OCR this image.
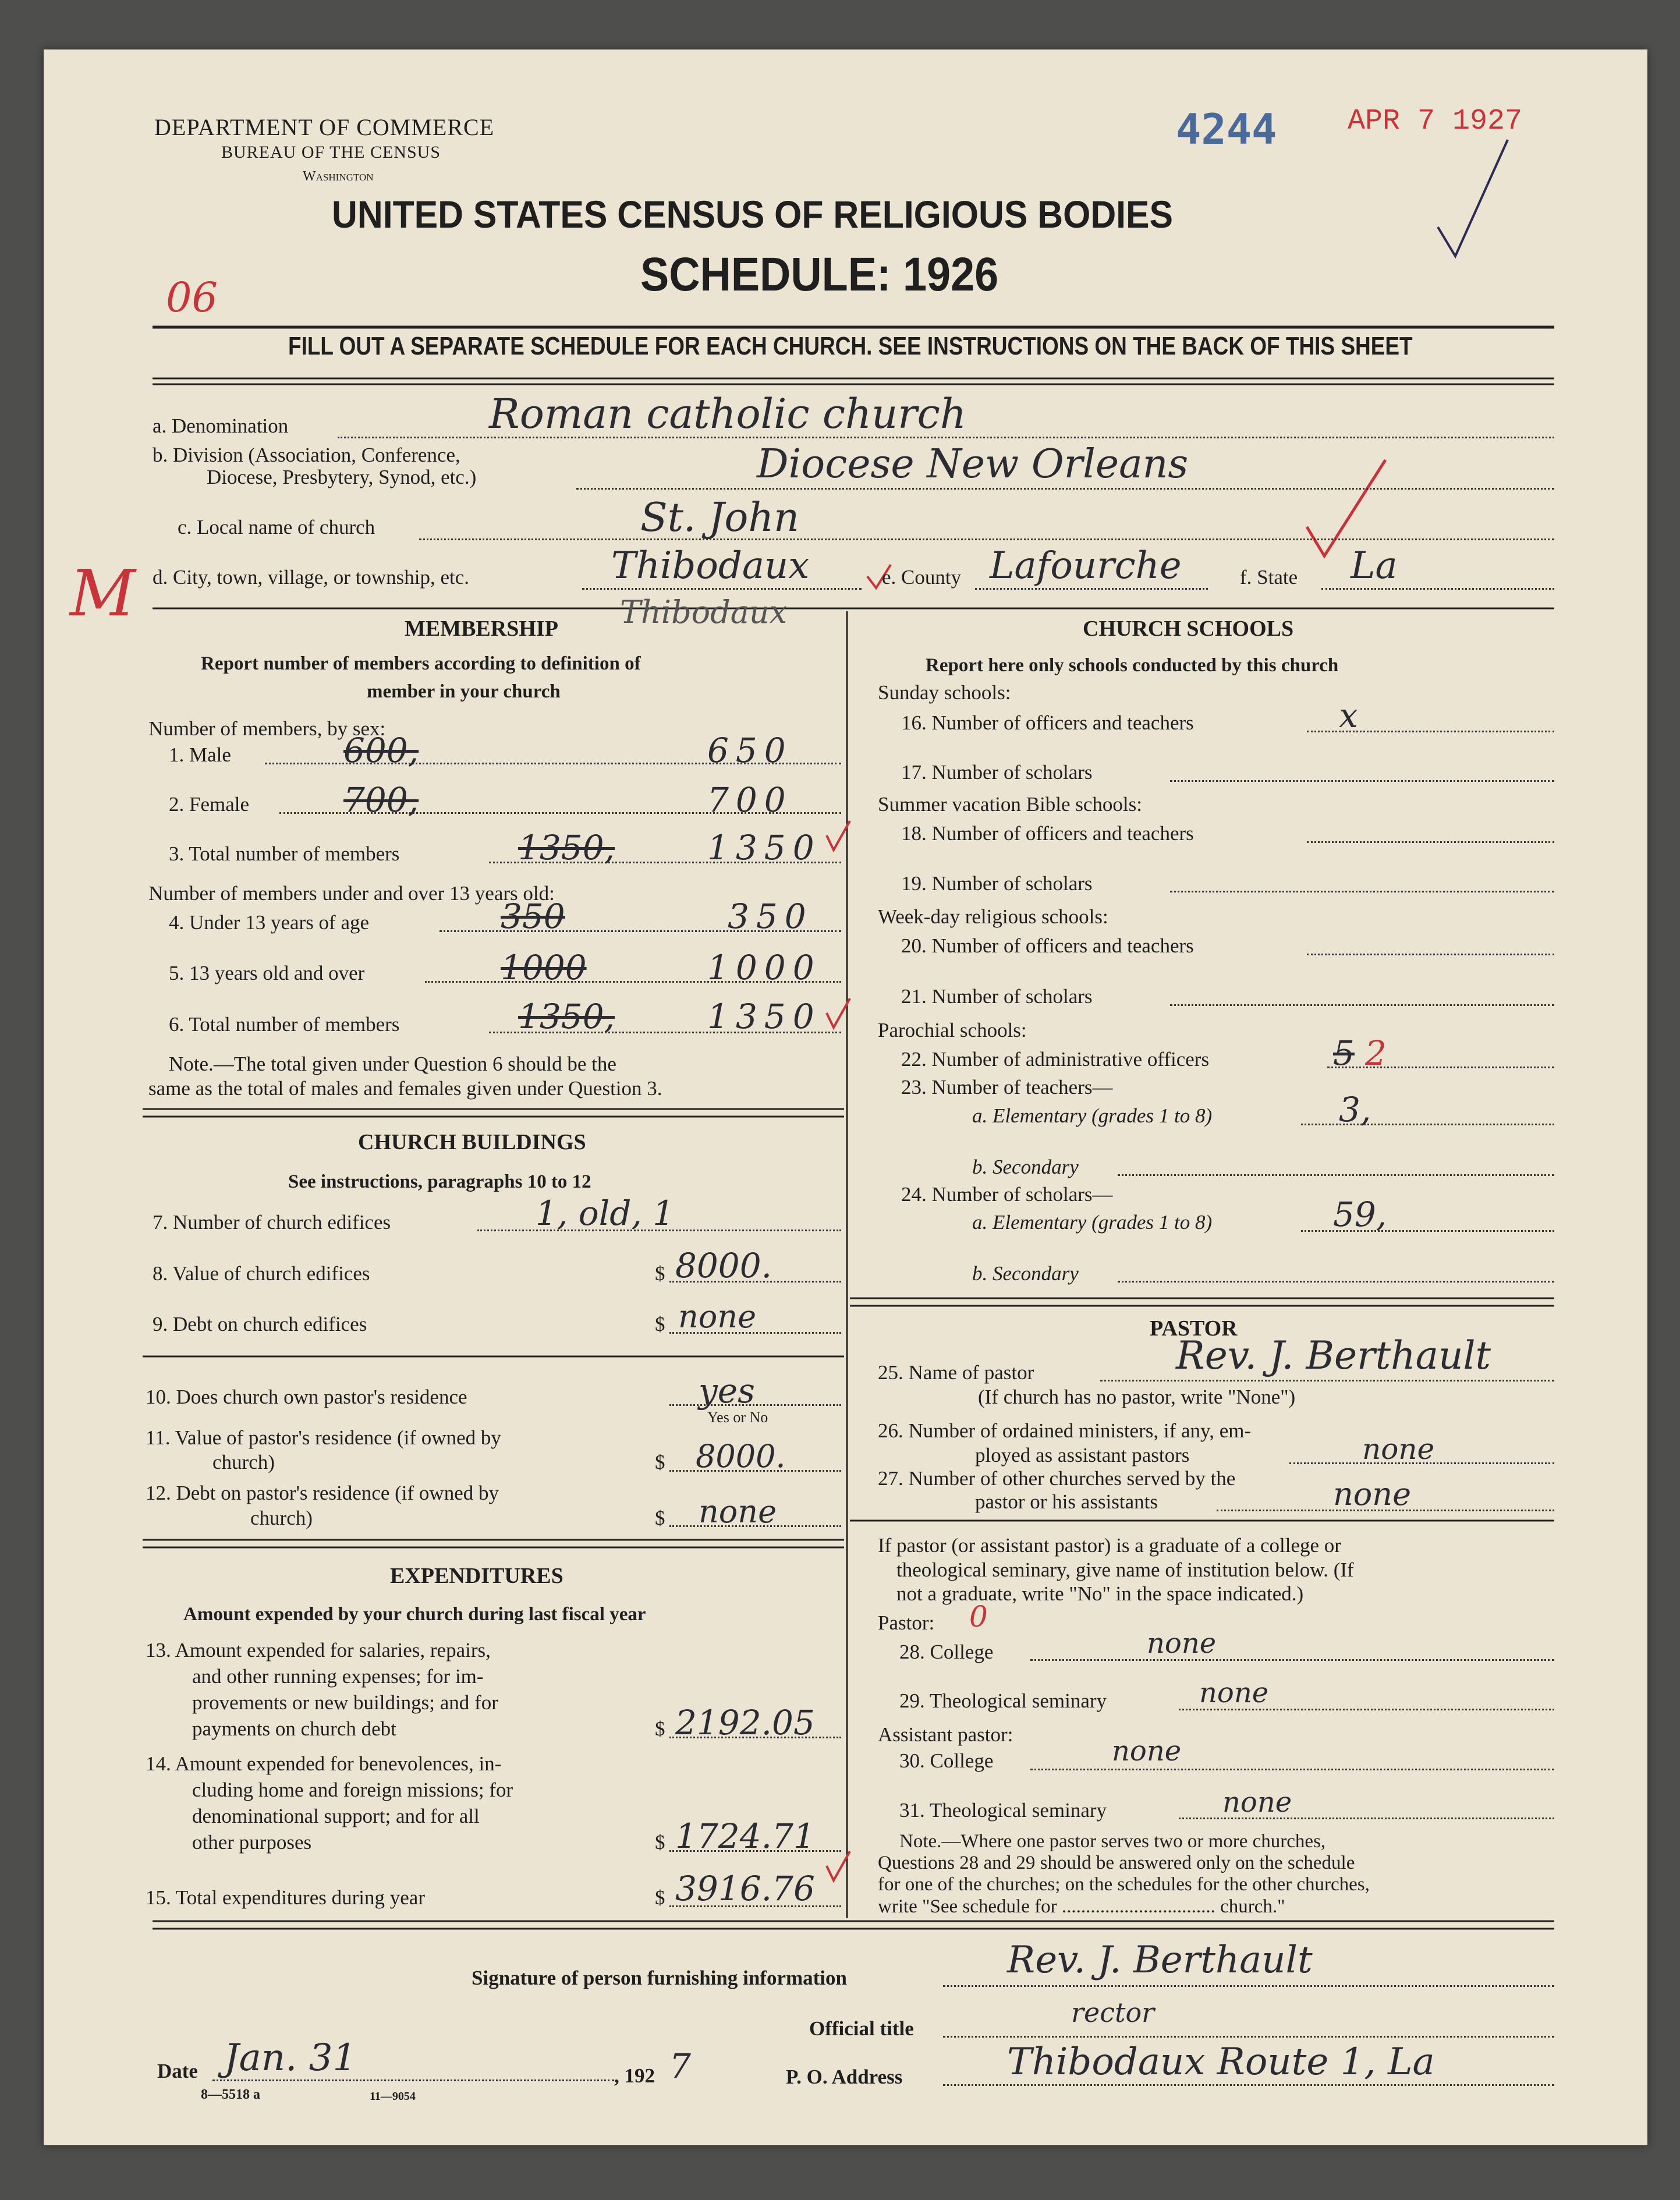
DEPARTMENT OF COMMERCE
BUREAU OF THE CENSUS
Washington
4244 APR 7 1927
UNITED STATES CENSUS OF RELIGIOUS BODIES
SCHEDULE: 1926
06
FILL OUT A SEPARATE SCHEDULE FOR EACH CHURCH. SEE INSTRUCTIONS ON THE BACK OF THIS SHEET
a. Denomination	Roman catholic church
b. Division (Association, Conference,
Diocese, Presbytery, Synod, etc.)	Diocese New Orleans
c. Local name of church	St. John
M d. City, town, village, or township, etc.	Thibodaux	e. County Lafourche	f. State La
Thibodaux
MEMBERSHIP
Report number of members according to definition of
member in your church
Number of members, by sex:
1. Male	600,	650
2. Female	700,	700
3. Total number of members	1350,	1350
Number of members under and over 13 years old:
4. Under 13 years of age	350	350
5. 13 years old and over	1000	1000
6. Total number of members	1350,	1350
Note.—The total given under Question 6 should be the
same as the total of males and females given under Question 3.
CHURCH BUILDINGS
See instructions, paragraphs 10 to 12
7. Number of church edifices	1, old, 1
8. Value of church edifices	$ 8000.
9. Debt on church edifices	$ none
10. Does church own pastor's residence	yes
Yes or No
11. Value of pastor's residence (if owned by
church)	$ 8000.
12. Debt on pastor's residence (if owned by
church)	$ none
EXPENDITURES
Amount expended by your church during last fiscal year
13. Amount expended for salaries, repairs,
and other running expenses; for im-
provements or new buildings; and for
payments on church debt	$ 2192.05
14. Amount expended for benevolences, in-
cluding home and foreign missions; for
denominational support; and for all
other purposes	$ 1724.71
15. Total expenditures during year	$ 3916.76
CHURCH SCHOOLS
Report here only schools conducted by this church
Sunday schools:
16. Number of officers and teachers	x
17. Number of scholars
Summer vacation Bible schools:
18. Number of officers and teachers
19. Number of scholars
Week-day religious schools:
20. Number of officers and teachers
21. Number of scholars
Parochial schools:
22. Number of administrative officers	5 2
23. Number of teachers—
a. Elementary (grades 1 to 8)	3,
b. Secondary
24. Number of scholars—
a. Elementary (grades 1 to 8)	59,
b. Secondary
PASTOR
25. Name of pastor	Rev. J. Berthault
(If church has no pastor, write "None")
26. Number of ordained ministers, if any, em-
ployed as assistant pastors	none
27. Number of other churches served by the
pastor or his assistants	none
If pastor (or assistant pastor) is a graduate of a college or
theological seminary, give name of institution below. (If
not a graduate, write "No" in the space indicated.)
Pastor: 0
28. College	none
29. Theological seminary	none
Assistant pastor:
30. College	none
31. Theological seminary	none
Note.—Where one pastor serves two or more churches,
Questions 28 and 29 should be answered only on the schedule
for one of the churches; on the schedules for the other churches,
write "See schedule for ................................ church."
Signature of person furnishing information	Rev. J. Berthault
Official title
rector
Date Jan. 31	, 192 7	P. O. Address	Thibodaux Route 1, La
8—5518 a	11—9054
